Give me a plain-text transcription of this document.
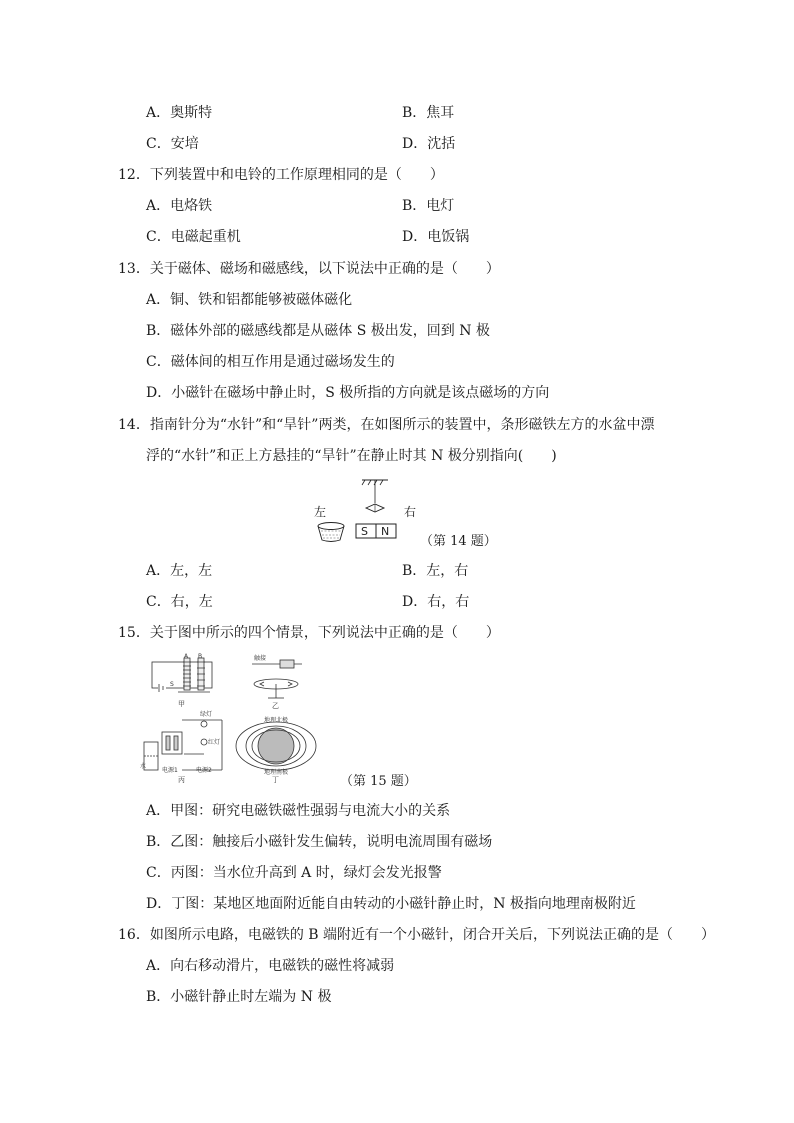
A．奥斯特	B．焦耳
C．安培	D．沈括
12．下列装置中和电铃的工作原理相同的是（　　）
A．电烙铁	B．电灯
C．电磁起重机	D．电饭锅
13．关于磁体、磁场和磁感线，以下说法中正确的是（　　）
A．铜、铁和铝都能够被磁体磁化
B．磁体外部的磁感线都是从磁体 S 极出发，回到 N 极
C．磁体间的相互作用是通过磁场发生的
D．小磁针在磁场中静止时，S 极所指的方向就是该点磁场的方向
14．指南针分为“水针”和“旱针”两类，在如图所示的装置中，条形磁铁左方的水盆中漂
浮的“水针”和正上方悬挂的“旱针”在静止时其 N 极分别指向(　　)
左	右
S N
（第 14 题）
A．左，左	B．左，右
C．右，左	D．右，右
15．关于图中所示的四个情景，下列说法中正确的是（　　）
A B
S
甲
触接
乙
绿灯
红灯
水
电源1	电源2
丙
地理北极
地理南极
丁	（第 15 题）
A．甲图：研究电磁铁磁性强弱与电流大小的关系
B．乙图：触接后小磁针发生偏转，说明电流周围有磁场
C．丙图：当水位升高到 A 时，绿灯会发光报警
D．丁图：某地区地面附近能自由转动的小磁针静止时，N 极指向地理南极附近
16．如图所示电路，电磁铁的 B 端附近有一个小磁针，闭合开关后，下列说法正确的是（　　）
A．向右移动滑片，电磁铁的磁性将减弱
B．小磁针静止时左端为 N 极
